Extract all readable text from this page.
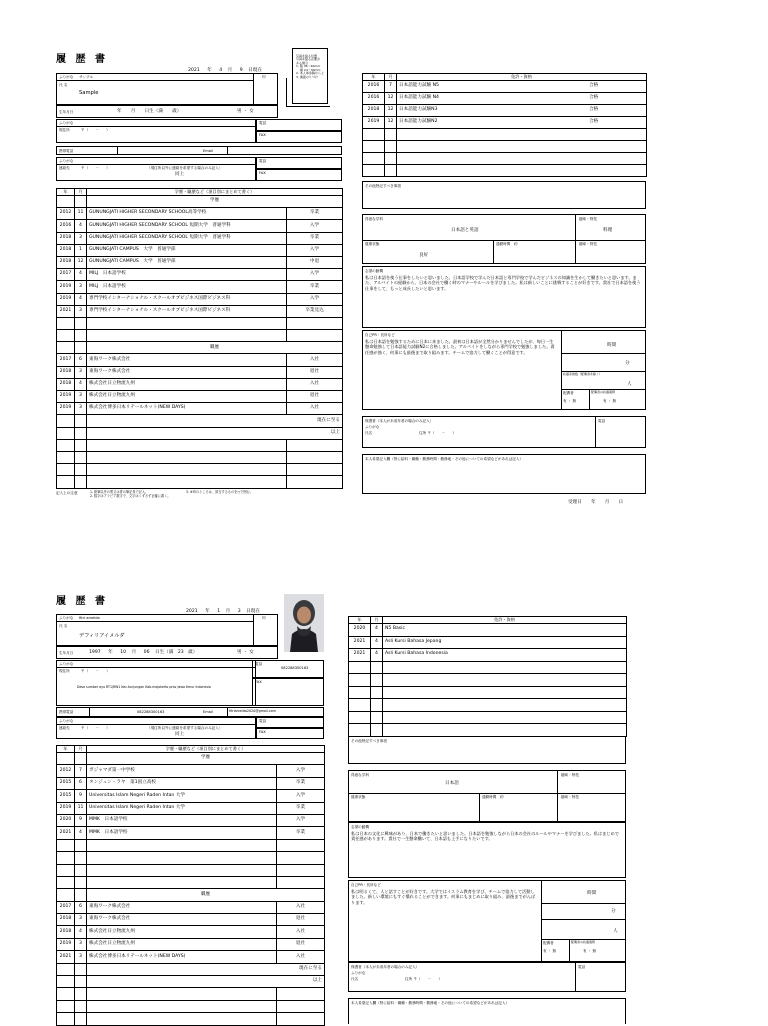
履 歴 書
2021 年 4 月 9 日現在
写真を貼る位置
写真を貼る必要が
ある場合
1. 縦 36～40mm
　 横 24～30mm
2. 本人単身胸から上
3. 裏面のりづけ
ふりがな サンプル
氏 名
Sample
印
生年月日	年　　月　　日生（満　　歳）	男 ・ 女
ふりがな
現住所	〒（　　－　　）
電話
FAX
携帯電話	Email
ふりがな
連絡先	〒（　　－　　）	（現住所以外に連絡を希望する場合のみ記入）
同上
電話
FAX
年	月	学歴・職歴など（項目別にまとめて書く）	
		学歴	
2012	11	GUNUNGJATI HIGHER SECONDARY SCHOOL高等学校	卒業
2016	4	GUNUNGJATI HIGHER SECONDARY SCHOOL 短期大学　普通学科	入学
2018	3	GUNUNGJATI HIGHER SECONDARY SCHOOL 短期大学　普通学科	卒業
2018	1	GUNUNGJATI CAMPUS　大学　普通学部	入学
2018	12	GUNUNGJATI CAMPUS　大学　普通学部	中退
2017	4	MILJ　日本語学校	入学
2019	3	MILJ　日本語学校	卒業
2019	4	専門学校インターナショナル・スクールオブビジネス国際ビジネス科	入学
2021	3	専門学校インターナショナル・スクールオブビジネス国際ビジネス科	卒業見込

		職歴	
2017	6	東海ワーク株式会社	入社
2018	3	東海ワーク株式会社	退社
2018	4	株式会社日立物流九州	入社
2019	3	株式会社日立物流九州	退社
2019	3	株式会社博多日本リテールネット(NEW DAYS)	入社
		現在に至る	
		以上	

記入上の注意	1. 鉛筆以外の黒又は青の筆記具で記入。
2. 数字はアラビア数字で、文字はくずさず正確に書く。
3. ※印のところは、該当するものを○で囲む。
年	月	免許・資格
2016	7	日本語能力試験 N5 合格
2016	12	日本語能力試験 N4 合格
2018	12	日本語能力試験N3 合格
2019	12	日本語能力試験N2 合格

その他特記すべき事項
得意な学科
日本語と英語
趣味・特技
料理
健康状態
良好
通勤時間　約	趣味・特技
志望の動機
私は日本語を使う仕事をしたいと思いました。日本語学校で学んだ日本語と専門学校で学んだビジネスの知識を生かして働きたいと思います。また、アルバイトの経験から、日本の会社で働く時のマナーやルールを学びました。私は新しいことに挑戦することが好きです。貴社で日本語を使う仕事をして、もっと成長したいと思います。
自己PR・長所など
私は日本語を勉強するために日本に来ました。最初は日本語が全然分かりませんでしたが、毎日一生懸命勉強して日本語能力試験N2に合格しました。アルバイトをしながら専門学校で勉強しました。責任感が強く、何事にも最後まで取り組みます。チームで協力して働くことが得意です。
時間
分
扶養家族数（配偶者を除く）
人
配偶者
有 ・ 無
配偶者の扶養義務
有 ・ 無
保護者（本人が未成年者の場合のみ記入）
ふりがな
氏名	住所 〒（　　－　　）
電話
本人希望記入欄（特に給料・職種・勤務時間・勤務地・その他についての希望などがあれば記入）
受理日　　年　　月　　日
履 歴 書
2021 年 1 月 3 日現在
ふりがな fitri amelda
氏 名
デフィリアイメルダ
印
生年月日	1997 年 10 月 06 日生（満 23 歳）	男 ・ 女
ふりがな
現住所	〒（　　－　　）
Desa sumber ayu RT1/RW1 Kec.tunjungan Kab.mojokerto prov Jawa timur indonesia
電話
082288300163
FAX
携帯電話	082288300163	Email	fitriamelda2020@gmail.com
ふりがな
連絡先	〒（　　－　　）	（現住所以外に連絡を希望する場合のみ記入）
同上
電話
FAX
年	月	学歴・職歴など（項目別にまとめて書く）	
		学歴	
2012	7	ガジャマダ第一中学校	入学
2015	6	タンジュン・ラヤ　第1国立高校	卒業
2015	9	Universitas Islam Negeri Raden Intan 大学	入学
2019	11	Universitas Islam Negeri Raden Intan 大学	卒業
2020	9	MMK　日本語学校	入学
2021	4	MMK　日本語学校	卒業

		職歴	
2017	6	東海ワーク株式会社	入社
2018	3	東海ワーク株式会社	退社
2018	4	株式会社日立物流九州	入社
2019	3	株式会社日立物流九州	退社
2021	3	株式会社博多日本リテールネット(NEW DAYS)	入社
		現在に至る	
		以上	

年	月	免許・資格
2020	4	N5 Basic
2021	4	Asli Kursi Bahasa Jepang
2021	4	Asli Kursi Bahasa Indonesia

その他特記すべき事項
得意な学科
日本語
趣味・特技
健康状態	通勤時間　約	趣味・特技
志望の動機
私は日本の文化に興味があり、日本で働きたいと思いました。日本語を勉強しながら日本の会社のルールやマナーを学びました。私はまじめで責任感があります。貴社で一生懸命働いて、日本語も上手になりたいです。
自己PR・長所など
私は明るくて、人と話すことが好きです。大学ではイスラム教育を学び、チームで協力して活動しました。新しい環境にもすぐ慣れることができます。何事にもまじめに取り組み、最後までがんばります。
時間
分
人
配偶者
有 ・ 無
配偶者の扶養義務
有 ・ 無
保護者（本人が未成年者の場合のみ記入）
ふりがな
氏名	住所 〒（　　－　　）
電話
本人希望記入欄（特に給料・職種・勤務時間・勤務地・その他についての希望などがあれば記入）
